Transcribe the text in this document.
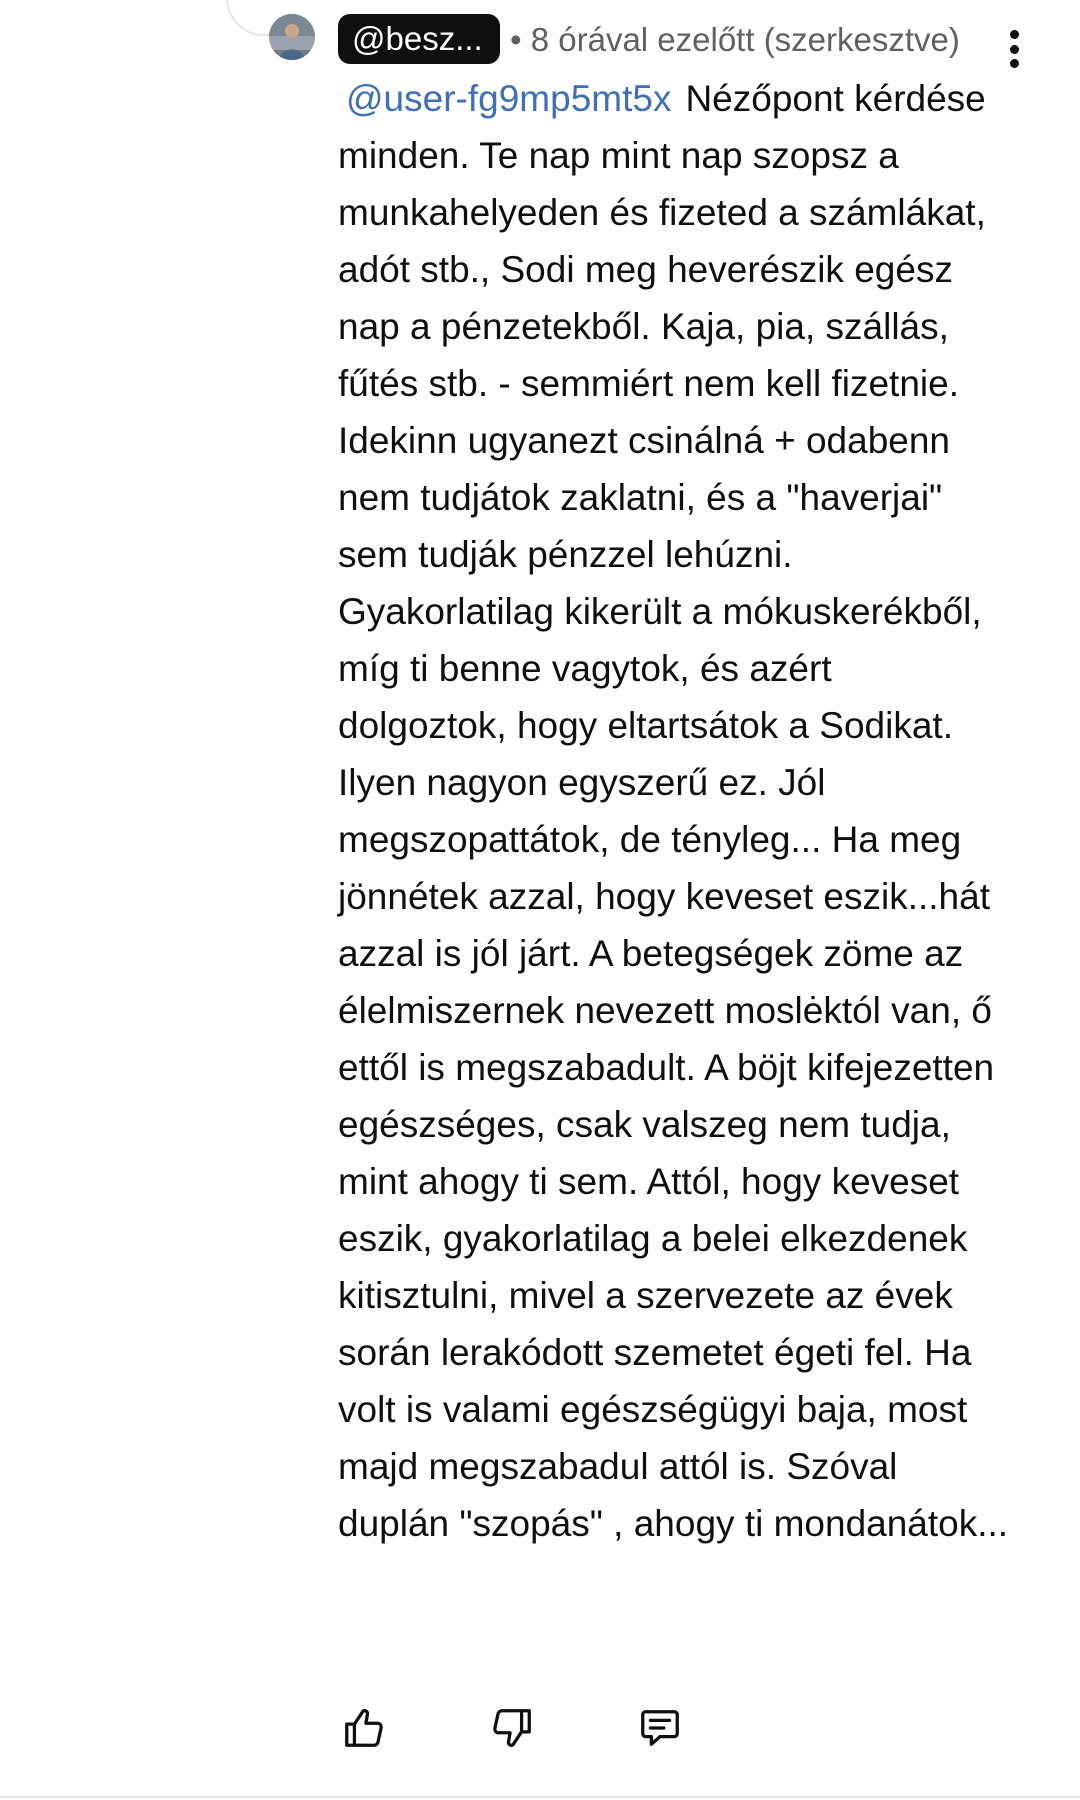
@besz... • 8 órával ezelőtt (szerkesztve)

@user-fg9mp5mt5x Nézőpont kérdése minden. Te nap mint nap szopsz a munkahelyeden és fizeted a számlákat, adót stb., Sodi meg heverészik egész nap a pénzetekből. Kaja, pia, szállás, fűtés stb. - semmiért nem kell fizetnie. Idekinn ugyanezt csinálná + odabenn nem tudjátok zaklatni, és a "haverjai" sem tudják pénzzel lehúzni. Gyakorlatilag kikerült a mókuskerékből, míg ti benne vagytok, és azért dolgoztok, hogy eltartsátok a Sodikat. Ilyen nagyon egyszerű ez. Jól megszopattátok, de tényleg... Ha meg jönnétek azzal, hogy keveset eszik...hát azzal is jól járt. A betegségek zöme az élelmiszernek nevezett moslėktól van, ő ettől is megszabadult. A böjt kifejezetten egészséges, csak valszeg nem tudja, mint ahogy ti sem. Attól, hogy keveset eszik, gyakorlatilag a belei elkezdenek kitisztulni, mivel a szervezete az évek során lerakódott szemetet égeti fel. Ha volt is valami egészségügyi baja, most majd megszabadul attól is. Szóval duplán "szopás" , ahogy ti mondanátok...
